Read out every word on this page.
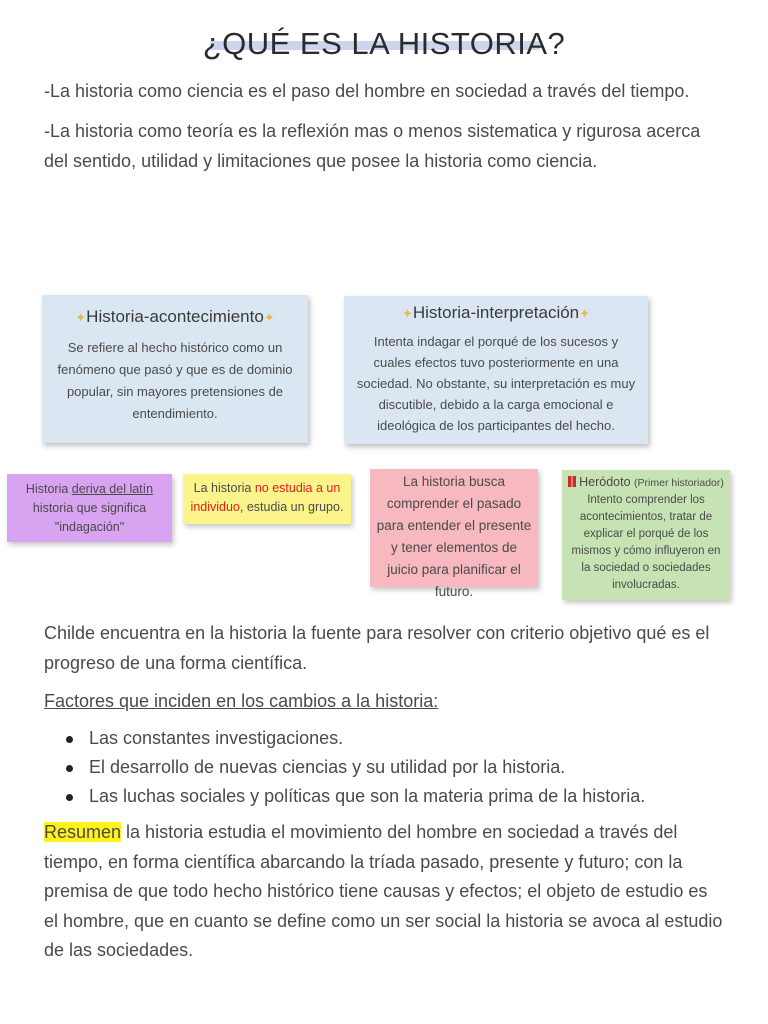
¿QUÉ ES LA HISTORIA?
-La historia como ciencia es el paso del hombre en sociedad a través del tiempo.
-La historia como teoría es la reflexión mas o menos sistematica y rigurosa acerca del sentido, utilidad y limitaciones que posee la historia como ciencia.
✦Historia-acontecimiento✦
Se refiere al hecho histórico como un fenómeno que pasó y que es de dominio popular, sin mayores pretensiones de entendimiento.
✦Historia-interpretación✦
Intenta indagar el porqué de los sucesos y cuales efectos tuvo posteriormente en una sociedad. No obstante, su interpretación es muy discutible, debido a la carga emocional e ideológica de los participantes del hecho.
Historia deriva del latín historia que significa "indagación"
La historia no estudia a un individuo, estudia un grupo.
La historia busca comprender el pasado para entender el presente y tener elementos de juicio para planificar el futuro.
Heródoto (Primer historiador)
Intento comprender los acontecimientos, tratar de explicar el porqué de los mismos y cómo influyeron en la sociedad o sociedades involucradas.
Childe encuentra en la historia la fuente para resolver con criterio objetivo qué es el progreso de una forma científica.
Factores que inciden en los cambios a la historia:
Las constantes investigaciones.
El desarrollo de nuevas ciencias y su utilidad por la historia.
Las luchas sociales y políticas que son la materia prima de la historia.
Resumen la historia estudia el movimiento del hombre en sociedad a través del tiempo, en forma científica abarcando la tríada pasado, presente y futuro; con la premisa de que todo hecho histórico tiene causas y efectos; el objeto de estudio es el hombre, que en cuanto se define como un ser social la historia se avoca al estudio de las sociedades.
